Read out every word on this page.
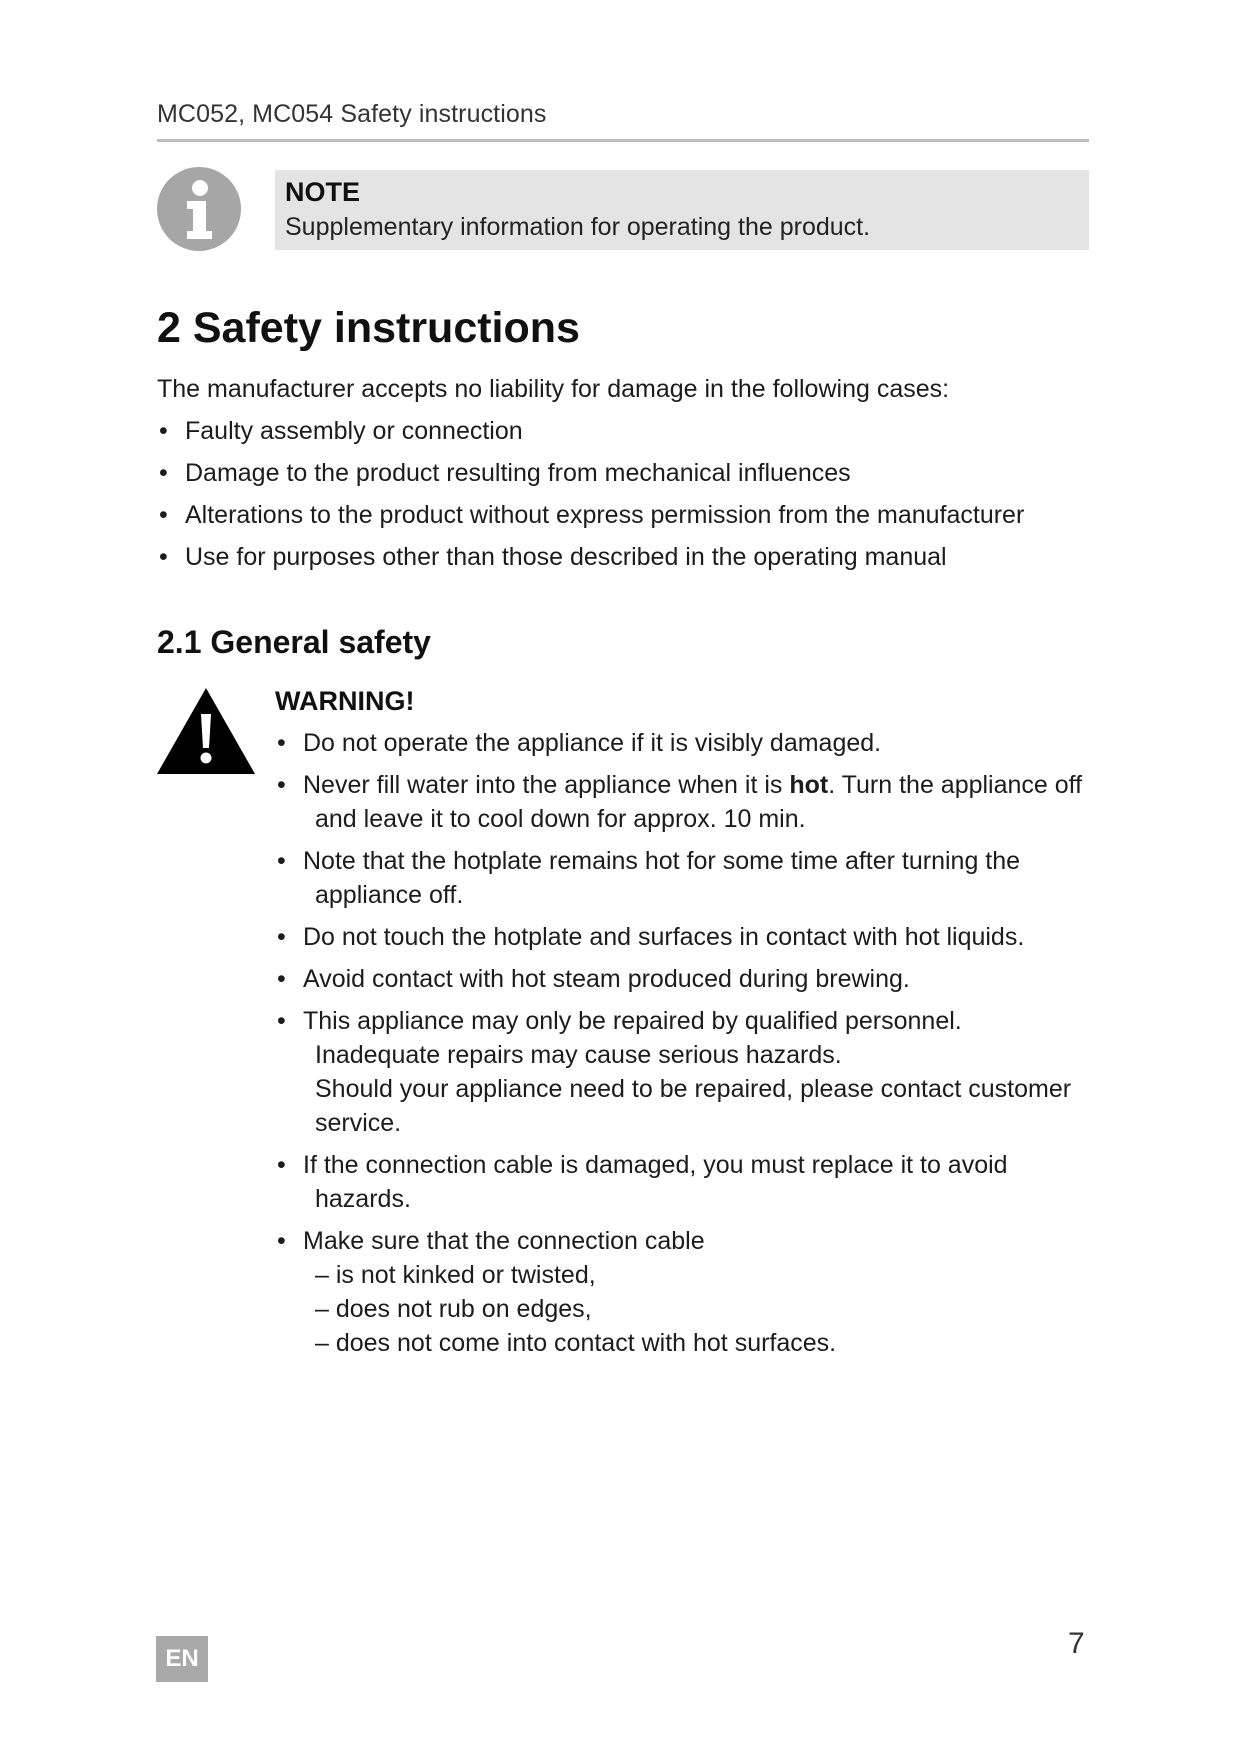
MC052, MC054 Safety instructions
NOTE
Supplementary information for operating the product.
2 Safety instructions
The manufacturer accepts no liability for damage in the following cases:
• Faulty assembly or connection
• Damage to the product resulting from mechanical influences
• Alterations to the product without express permission from the manufacturer
• Use for purposes other than those described in the operating manual
2.1 General safety
WARNING!
• Do not operate the appliance if it is visibly damaged.
• Never fill water into the appliance when it is hot. Turn the appliance off
and leave it to cool down for approx. 10 min.
• Note that the hotplate remains hot for some time after turning the
appliance off.
• Do not touch the hotplate and surfaces in contact with hot liquids.
• Avoid contact with hot steam produced during brewing.
• This appliance may only be repaired by qualified personnel.
Inadequate repairs may cause serious hazards.
Should your appliance need to be repaired, please contact customer
service.
• If the connection cable is damaged, you must replace it to avoid
hazards.
• Make sure that the connection cable
– is not kinked or twisted,
– does not rub on edges,
– does not come into contact with hot surfaces.
EN	7
